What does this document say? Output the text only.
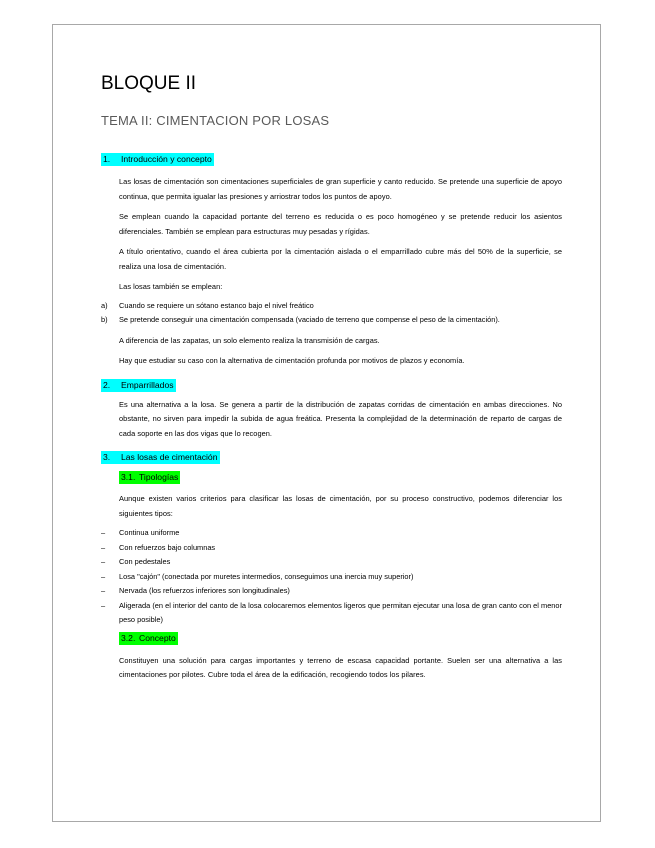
BLOQUE II
TEMA II: CIMENTACION POR LOSAS
1. Introducción y concepto

Las losas de cimentación son cimentaciones superficiales de gran superficie y canto reducido. Se pretende una superficie de apoyo continua, que permita igualar las presiones y arriostrar todos los puntos de apoyo.

Se emplean cuando la capacidad portante del terreno es reducida o es poco homogéneo y se pretende reducir los asientos diferenciales. También se emplean para estructuras muy pesadas y rígidas.

A título orientativo, cuando el área cubierta por la cimentación aislada o el emparrillado cubre más del 50% de la superficie, se realiza una losa de cimentación.

Las losas también se emplean:

a)	Cuando se requiere un sótano estanco bajo el nivel freático
b)	Se pretende conseguir una cimentación compensada (vaciado de terreno que compense el peso de la cimentación).

A diferencia de las zapatas, un solo elemento realiza la transmisión de cargas.

Hay que estudiar su caso con la alternativa de cimentación profunda por motivos de plazos y economía.

2. Emparrillados

Es una alternativa a la losa. Se genera a partir de la distribución de zapatas corridas de cimentación en ambas direcciones. No obstante, no sirven para impedir la subida de agua freática. Presenta la complejidad de la determinación de reparto de cargas de cada soporte en las dos vigas que lo recogen.

3. Las losas de cimentación
3.1. Tipologías

Aunque existen varios criterios para clasificar las losas de cimentación, por su proceso constructivo, podemos diferenciar los siguientes tipos:

–	Continua uniforme
–	Con refuerzos bajo columnas
–	Con pedestales
–	Losa "cajón" (conectada por muretes intermedios, conseguimos una inercia muy superior)
–	Nervada (los refuerzos inferiores son longitudinales)
–	Aligerada (en el interior del canto de la losa colocaremos elementos ligeros que permitan ejecutar una losa de gran canto con el menor peso posible)
3.2. Concepto

Constituyen una solución para cargas importantes y terreno de escasa capacidad portante. Suelen ser una alternativa a las cimentaciones por pilotes. Cubre toda el área de la edificación, recogiendo todos los pilares.
